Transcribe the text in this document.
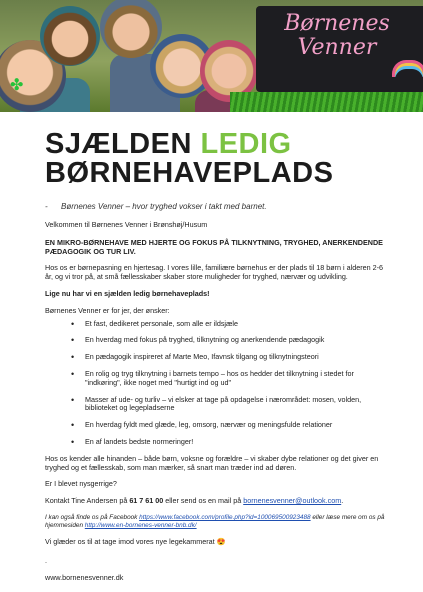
✤
Børnenes
Venner
SJÆLDEN LEDIG
BØRNEHAVEPLADS
- Børnenes Venner – hvor tryghed vokser i takt med barnet.
Velkommen til Børnenes Venner i Brønshøj/Husum
EN MIKRO-BØRNEHAVE MED HJERTE OG FOKUS PÅ TILKNYTNING, TRYGHED, ANERKENDENDE PÆDAGOGIK OG TUR LIV.
Hos os er børnepasning en hjertesag. I vores lille, familiære børnehus er der plads til 18 børn i alderen 2-6 år, og vi tror på, at små fællesskaber skaber store muligheder for tryghed, nærvær og udvikling.
Lige nu har vi en sjælden ledig børnehaveplads!
Børnenes Venner er for jer, der ønsker:
• Et fast, dedikeret personale, som alle er ildsjæle
• En hverdag med fokus på tryghed, tilknytning og anerkendende pædagogik
• En pædagogik inspireret af Marte Meo, Ifavnsk tilgang og tilknytningsteori
• En rolig og tryg tilknytning i barnets tempo – hos os hedder det tilknytning i stedet for "indkøring", ikke noget med "hurtigt ind og ud"
• Masser af ude- og turliv – vi elsker at tage på opdagelse i nærområdet: mosen, volden, biblioteket og legepladserne
• En hverdag fyldt med glæde, leg, omsorg, nærvær og meningsfulde relationer
• En af landets bedste normeringer!
Hos os kender alle hinanden – både børn, voksne og forældre – vi skaber dybe relationer og det giver en tryghed og et fællesskab, som man mærker, så snart man træder ind ad døren.
Er I blevet nysgerrige?
Kontakt Tine Andersen på 61 7 61 00 eller send os en mail på bornenesvenner@outlook.com.
I kan også finde os på Facebook https://www.facebook.com/profile.php?id=100069500923488 eller læse mere om os på hjemmesiden http://www.en-bornenes-venner-bnb.dk/
Vi glæder os til at tage imod vores nye legekammerat 😍
.
www.bornenesvenner.dk
